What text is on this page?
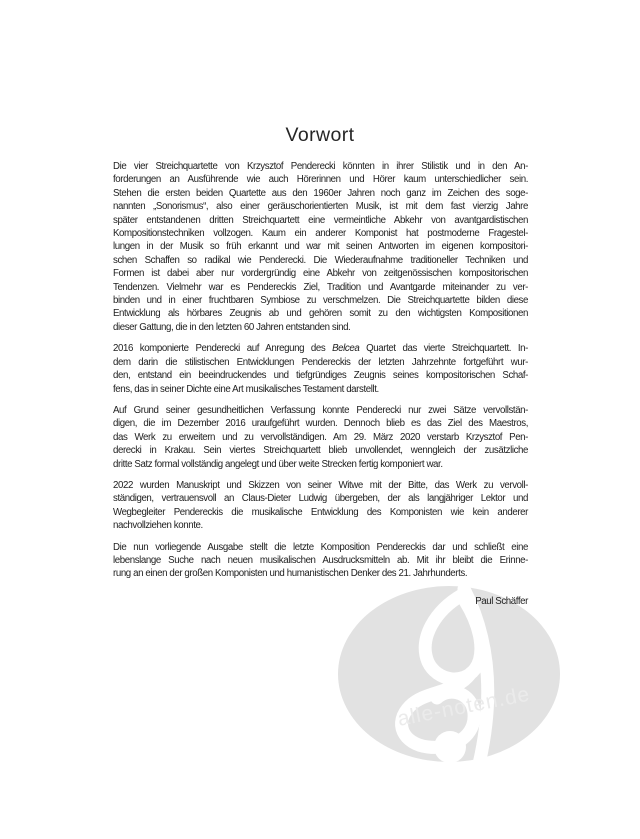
alle-noten.de
Vorwort
Die vier Streichquartette von Krzysztof Penderecki könnten in ihrer Stilistik und in den An-
forderungen an Ausführende wie auch Hörerinnen und Hörer kaum unterschiedlicher sein.
Stehen die ersten beiden Quartette aus den 1960er Jahren noch ganz im Zeichen des soge-
nannten „Sonorismus“, also einer geräuschorientierten Musik, ist mit dem fast vierzig Jahre
später entstandenen dritten Streichquartett eine vermeintliche Abkehr von avantgardistischen
Kompositionstechniken vollzogen. Kaum ein anderer Komponist hat postmoderne Fragestel-
lungen in der Musik so früh erkannt und war mit seinen Antworten im eigenen kompositori-
schen Schaffen so radikal wie Penderecki. Die Wiederaufnahme traditioneller Techniken und
Formen ist dabei aber nur vordergründig eine Abkehr von zeitgenössischen kompositorischen
Tendenzen. Vielmehr war es Pendereckis Ziel, Tradition und Avantgarde miteinander zu ver-
binden und in einer fruchtbaren Symbiose zu verschmelzen. Die Streichquartette bilden diese
Entwicklung als hörbares Zeugnis ab und gehören somit zu den wichtigsten Kompositionen
dieser Gattung, die in den letzten 60 Jahren entstanden sind.
2016 komponierte Penderecki auf Anregung des Belcea Quartet das vierte Streichquartett. In-
dem darin die stilistischen Entwicklungen Pendereckis der letzten Jahrzehnte fortgeführt wur-
den, entstand ein beeindruckendes und tiefgründiges Zeugnis seines kompositorischen Schaf-
fens, das in seiner Dichte eine Art musikalisches Testament darstellt.
Auf Grund seiner gesundheitlichen Verfassung konnte Penderecki nur zwei Sätze vervollstän-
digen, die im Dezember 2016 uraufgeführt wurden. Dennoch blieb es das Ziel des Maestros,
das Werk zu erweitern und zu vervollständigen. Am 29. März 2020 verstarb Krzysztof Pen-
derecki in Krakau. Sein viertes Streichquartett blieb unvollendet, wenngleich der zusätzliche
dritte Satz formal vollständig angelegt und über weite Strecken fertig komponiert war.
2022 wurden Manuskript und Skizzen von seiner Witwe mit der Bitte, das Werk zu vervoll-
ständigen, vertrauensvoll an Claus-Dieter Ludwig übergeben, der als langjähriger Lektor und
Wegbegleiter Pendereckis die musikalische Entwicklung des Komponisten wie kein anderer
nachvollziehen konnte.
Die nun vorliegende Ausgabe stellt die letzte Komposition Pendereckis dar und schließt eine
lebenslange Suche nach neuen musikalischen Ausdrucksmitteln ab. Mit ihr bleibt die Erinne-
rung an einen der großen Komponisten und humanistischen Denker des 21. Jahrhunderts.
Paul Schäffer
